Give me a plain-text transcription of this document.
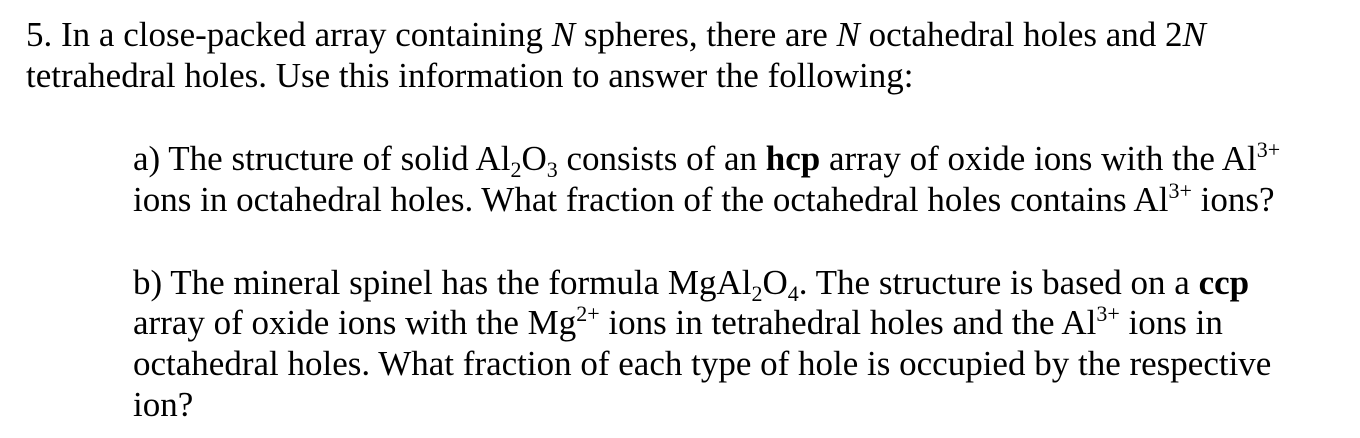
5. In a close-packed array containing N spheres, there are N octahedral holes and 2N
tetrahedral holes. Use this information to answer the following:
a) The structure of solid $Al_2O_3$ consists of an hcp array of oxide ions with the $Al^{3+}$
ions in octahedral holes. What fraction of the octahedral holes contains $Al^{3+}$ ions?
b) The mineral spinel has the formula $MgAl_2O_4$. The structure is based on a ccp
array of oxide ions with the $Mg^{2+}$ ions in tetrahedral holes and the $Al^{3+}$ ions in
octahedral holes. What fraction of each type of hole is occupied by the respective
ion?
